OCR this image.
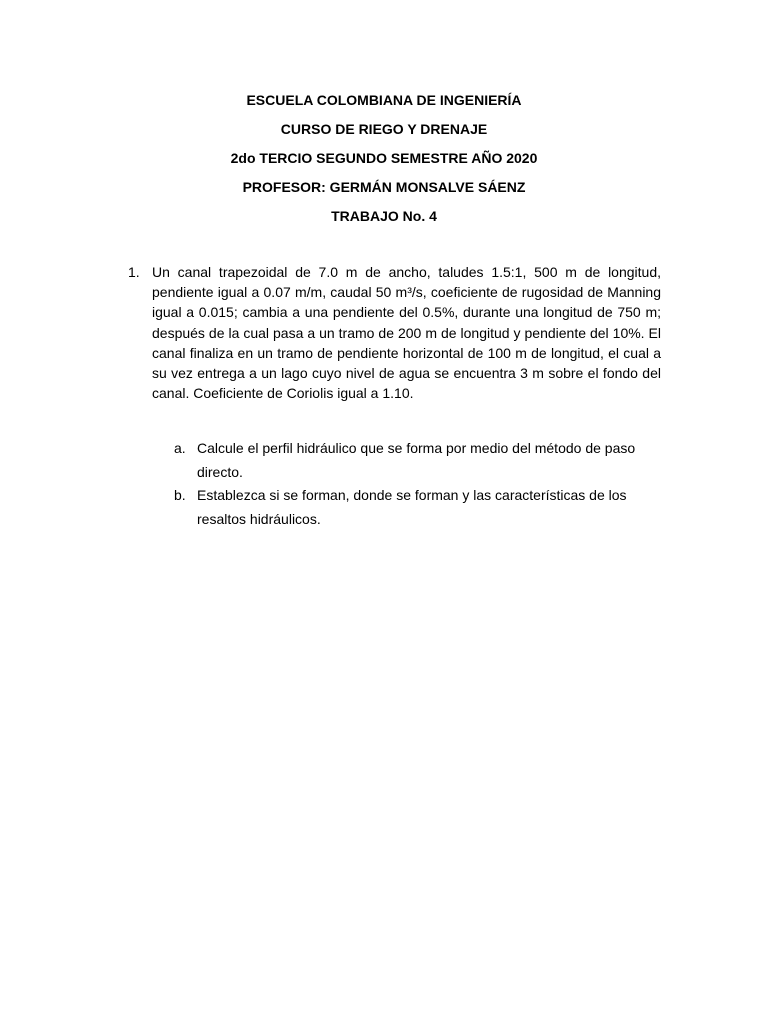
ESCUELA COLOMBIANA DE INGENIERÍA
CURSO DE RIEGO Y DRENAJE
2do TERCIO SEGUNDO SEMESTRE AÑO 2020
PROFESOR: GERMÁN MONSALVE SÁENZ
TRABAJO No. 4
1. Un canal trapezoidal de 7.0 m de ancho, taludes 1.5:1, 500 m de longitud, pendiente igual a 0.07 m/m, caudal 50 m³/s, coeficiente de rugosidad de Manning igual a 0.015; cambia a una pendiente del 0.5%, durante una longitud de 750 m; después de la cual pasa a un tramo de 200 m de longitud y pendiente del 10%. El canal finaliza en un tramo de pendiente horizontal de 100 m de longitud, el cual a su vez entrega a un lago cuyo nivel de agua se encuentra 3 m sobre el fondo del canal. Coeficiente de Coriolis igual a 1.10.
a. Calcule el perfil hidráulico que se forma por medio del método de paso directo.
b. Establezca si se forman, donde se forman y las características de los resaltos hidráulicos.
